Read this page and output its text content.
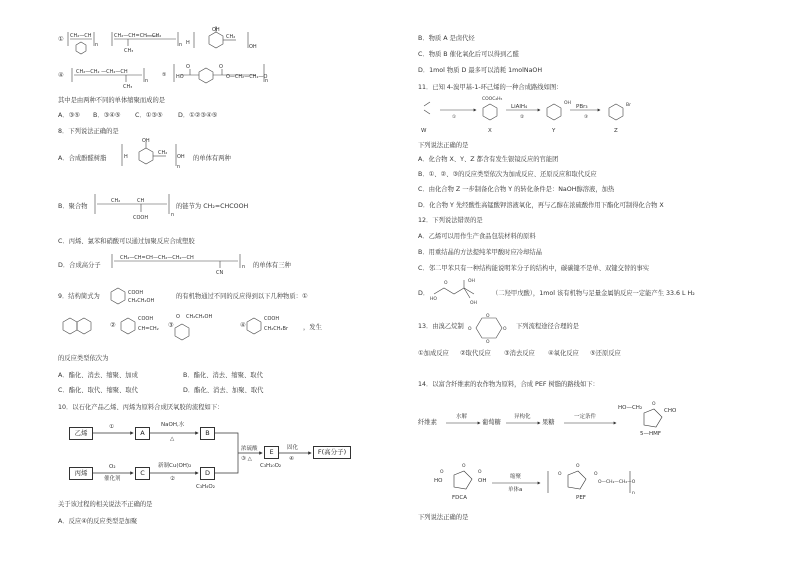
① CH₂—CH
n
CH₂—CH=CH—CH₂
n
CH₃
H
OH
CH₂
OH
CH₂—CH₂ —CH₂—CH
n
CH₃
⑤ HO
O	O
O—CH₂—CH₂—O
n
④
其中是由两种不同的单体缩聚而成的是
A．③⑤ B．③④⑤ C．①③⑤ D．①②③④⑤
8．下列说法正确的是
A．合成酚醛树脂	H
OH
CH₂
OH
n
的单体有两种
B．聚合物
CH₂	CH
COOH	n
的链节为 CH₂=CHCOOH
C．丙烯、氯苯和硝酸可以通过加聚反应合成塑胶
D．合成高分子
CH₂—CH=CH—CH₂—CH₂—CH
CN
n 的单体有三种
9．结构简式为	COOH
CH₂CH₂OH
的有机物通过不同的反应得到以下几种物质：①
COOH
CH=CH₂
O CH₂CH₂OH	COOH
CH₂CH₂Br
②	③	④	，发生
的反应类型依次为
A．酯化、消去、缩聚、加成	B．酯化、消去、缩聚、取代
C．酯化、取代、缩聚、取代	D．酯化、消去、加聚、取代
10．以石化产品乙烯、丙烯为原料合成厌氧胶的流程如下：
乙烯	A	B
丙烯	C	D
E	F(高分子)
①	NaOH,水
△
O₂
催化剂
新制Cu(OH)₂
②
浓硫酸
③ △
固化
④
C₃H₁₀O₂
C₃H₄O₂
关于该过程的相关说法不正确的是
A．反应④的反应类型是加聚
B．物质 A 是卤代烃
C．物质 B 催化氧化后可以得到乙醛
D．1mol 物质 D 最多可以消耗 1molNaOH
11．已知 4-溴甲基-1-环己烯的一种合成路线如图：
COOC₂H₅
OH	Br
①	②	③
W	X	Y	Z
LiAlH₄	PBr₃
下列说法正确的是
A．化合物 X、Y、Z 都含有发生银镜反应的官能团
B．①、②、③的反应类型依次为加成反应、还原反应和取代反应
C．由化合物 Z 一步制备化合物 Y 的转化条件是：NaOH醇溶液，加热
D．化合物 Y 先经酸性高锰酸钾溶液氧化，再与乙醇在浓硫酸作用下酯化可制得化合物 X
12．下列说法错误的是
A．乙烯可以用作生产食品包装材料的原料
B．用重结晶的方法提纯苯甲酸时应冷却结晶
C．邻二甲苯只有一种结构能说明苯分子的结构中，碳碳键不是单、双键交替的事实
D．
HO
OH
OH
O
（二羟甲戊酸），1mol 该有机物与足量金属钠反应一定能产生 33.6 L H₂
13．由溴乙烷制
O
O
O	O 下列流程途径合理的是
①加成反应 ②取代反应 ③消去反应 ④氧化反应 ⑤还原反应
14．以富含纤维素的农作物为原料，合成 PEF 树脂的路线如下：
O
O	O
O	O	O	O
O—CH₂—CH₂—O
n
纤维素
水解
葡萄糖
异构化
果糖
一定条件
HO—CH₂	CHO
5—HMF
HO	OH
FDCA
缩聚
单体a
PEF
下列说法正确的是
